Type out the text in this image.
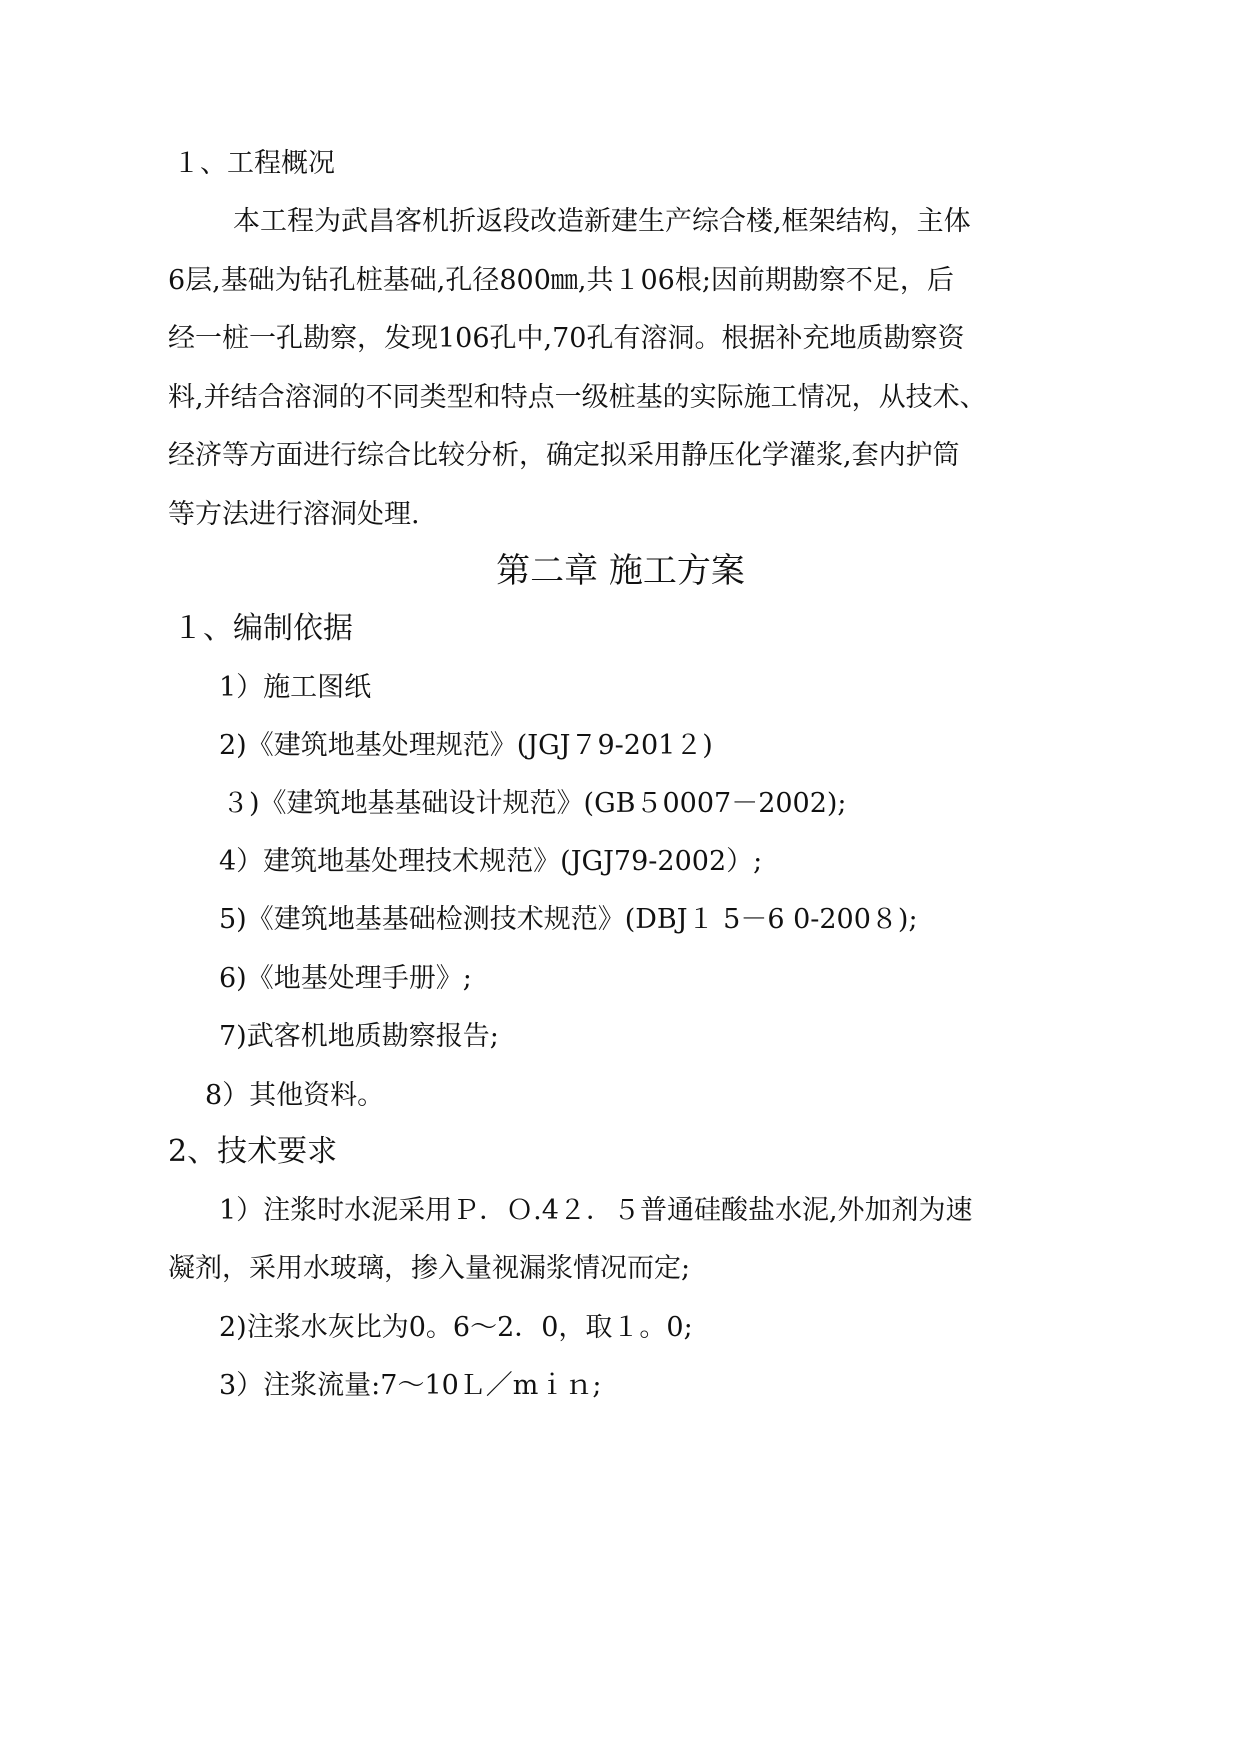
１、工程概况
本工程为武昌客机折返段改造新建生产综合楼,框架结构，主体
6层,基础为钻孔桩基础,孔径800㎜,共１06根;因前期勘察不足，后
经一桩一孔勘察，发现106孔中,70孔有溶洞。根据补充地质勘察资
料,并结合溶洞的不同类型和特点一级桩基的实际施工情况，从技术、
经济等方面进行综合比较分析，确定拟采用静压化学灌浆,套内护筒
等方法进行溶洞处理.
第二章 施工方案
１、编制依据
1）施工图纸
2)《建筑地基处理规范》(JGJ７9-201２)
３)《建筑地基基础设计规范》(GB５0007－2002);
4）建筑地基处理技术规范》(JGJ79-2002）;
5)《建筑地基基础检测技术规范》(DBJ１ 5－6 0-200８);
6)《地基处理手册》;
7)武客机地质勘察报告;
8）其他资料。
2、技术要求
1）注浆时水泥采用Ｐ．Ｏ.4２．５普通硅酸盐水泥,外加剂为速
凝剂，采用水玻璃，掺入量视漏浆情况而定;
2)注浆水灰比为0。6～2．0，取１。0;
3）注浆流量:7～10Ｌ／mｉｎ;
